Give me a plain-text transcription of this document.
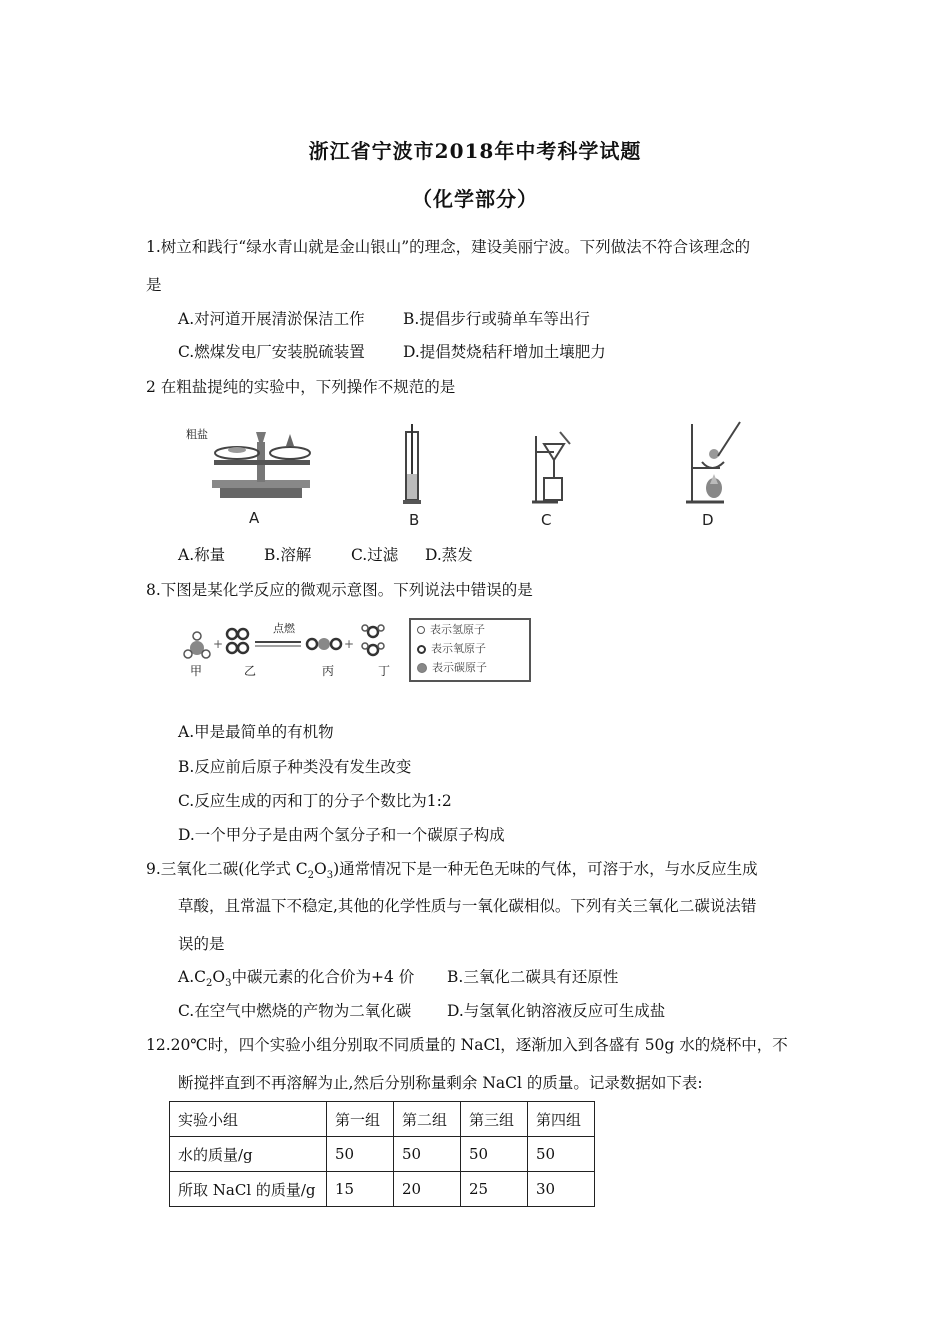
浙江省宁波市2018年中考科学试题
（化学部分）
1.树立和践行“绿水青山就是金山银山”的理念，建设美丽宁波。下列做法不符合该理念的
是
A.对河道开展清淤保洁工作 B.提倡步行或骑单车等出行
C.燃煤发电厂安装脱硫装置 D.提倡焚烧秸秆增加土壤肥力
2 在粗盐提纯的实验中，下列操作不规范的是
粗盐
A	B	C	D
A.称量	B.溶解	C.过滤 D.蒸发
8.下图是某化学反应的微观示意图。下列说法中错误的是
+	+
点燃
甲	乙	丙	丁
表示氢原子
表示氧原子
表示碳原子
A.甲是最简单的有机物
B.反应前后原子种类没有发生改变
C.反应生成的丙和丁的分子个数比为1:2
D.一个甲分子是由两个氢分子和一个碳原子构成
9.三氧化二碳(化学式 $C_2O_3$)通常情况下是一种无色无味的气体，可溶于水，与水反应生成
草酸，且常温下不稳定,其他的化学性质与一氧化碳相似。下列有关三氧化二碳说法错
误的是
$A.C_2O_3$中碳元素的化合价为+4 价 B.三氧化二碳具有还原性
C.在空气中燃烧的产物为二氧化碳 D.与氢氧化钠溶液反应可生成盐
12.20℃时，四个实验小组分别取不同质量的 NaCl，逐渐加入到各盛有 50g 水的烧杯中，不
断搅拌直到不再溶解为止,然后分别称量剩余 NaCl 的质量。记录数据如下表:
实验小组	第一组	第二组	第三组	第四组
水的质量/g	50	50	50	50
所取 NaCl 的质量/g	15	20	25	30
